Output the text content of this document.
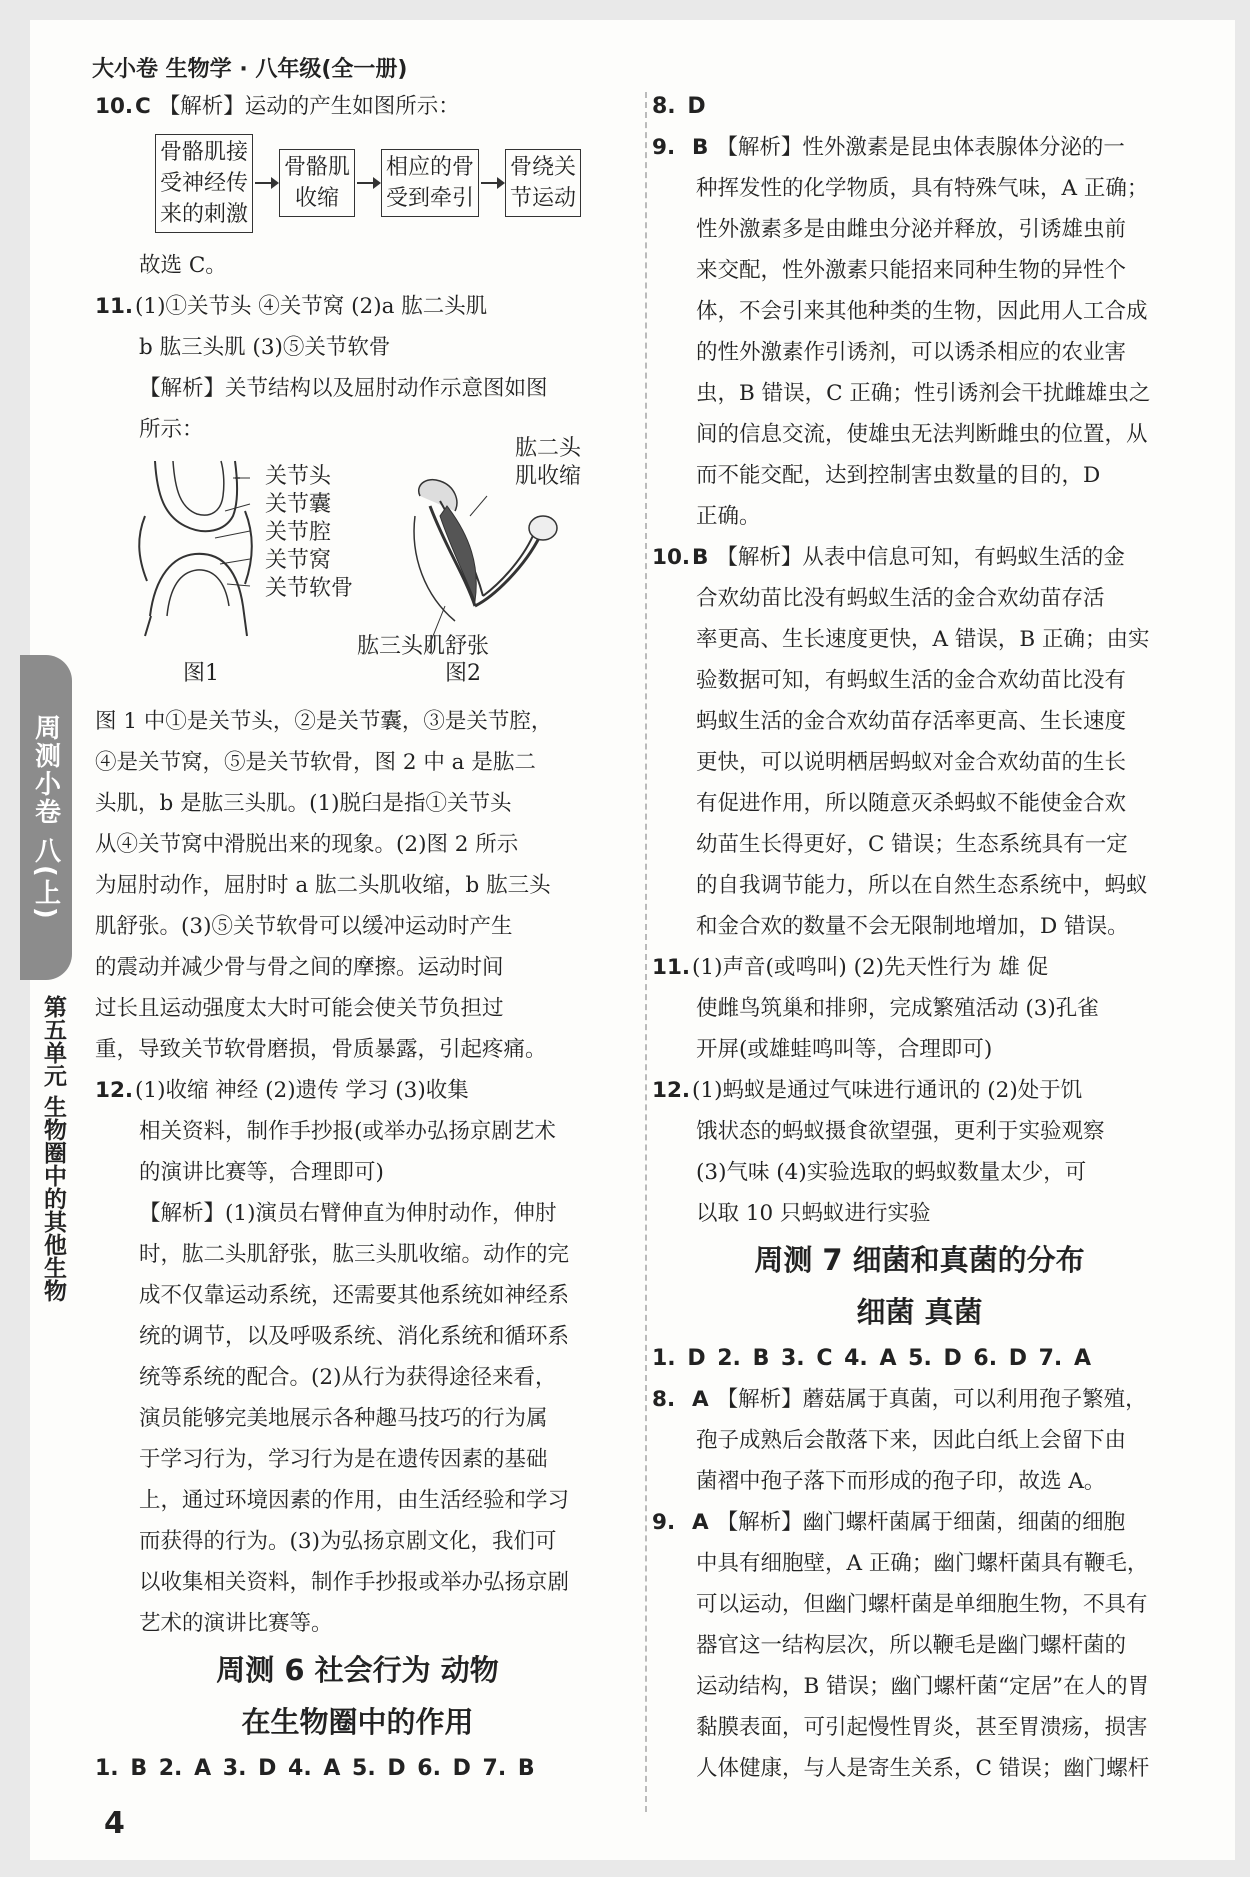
大小卷 生物学 · 八年级(全一册)
周测小卷 八(上)
第五单元 生物圈中的其他生物
4

10.C 【解析】运动的产生如图所示：

骨骼肌接受神经传来的刺激
骨骼肌收缩
相应的骨受到牵引
骨绕关节运动

故选 C。

11.(1)①关节头 ④关节窝 (2)a 肱二头肌

b 肱三头肌 (3)⑤关节软骨

【解析】关节结构以及屈肘动作示意图如图

所示：

关节头
关节囊
关节腔
关节窝
关节软骨
图1
肱二头
肌收缩
肱三头肌舒张
图2

图 1 中①是关节头，②是关节囊，③是关节腔，

④是关节窝，⑤是关节软骨，图 2 中 a 是肱二

头肌，b 是肱三头肌。(1)脱臼是指①关节头

从④关节窝中滑脱出来的现象。(2)图 2 所示

为屈肘动作，屈肘时 a 肱二头肌收缩，b 肱三头

肌舒张。(3)⑤关节软骨可以缓冲运动时产生

的震动并减少骨与骨之间的摩擦。运动时间

过长且运动强度太大时可能会使关节负担过

重，导致关节软骨磨损，骨质暴露，引起疼痛。

12.(1)收缩 神经 (2)遗传 学习 (3)收集

相关资料，制作手抄报(或举办弘扬京剧艺术

的演讲比赛等，合理即可)

【解析】(1)演员右臂伸直为伸肘动作，伸肘

时，肱二头肌舒张，肱三头肌收缩。动作的完

成不仅靠运动系统，还需要其他系统如神经系

统的调节，以及呼吸系统、消化系统和循环系

统等系统的配合。(2)从行为获得途径来看，

演员能够完美地展示各种趣马技巧的行为属

于学习行为，学习行为是在遗传因素的基础

上，通过环境因素的作用，由生活经验和学习

而获得的行为。(3)为弘扬京剧文化，我们可

以收集相关资料，制作手抄报或举办弘扬京剧

艺术的演讲比赛等。

周测 6 社会行为 动物
在生物圈中的作用

1. B 2. A 3. D 4. A 5. D 6. D 7. B

8. D

9. B 【解析】性外激素是昆虫体表腺体分泌的一

种挥发性的化学物质，具有特殊气味，A 正确；

性外激素多是由雌虫分泌并释放，引诱雄虫前

来交配，性外激素只能招来同种生物的异性个

体，不会引来其他种类的生物，因此用人工合成

的性外激素作引诱剂，可以诱杀相应的农业害

虫，B 错误，C 正确；性引诱剂会干扰雌雄虫之

间的信息交流，使雄虫无法判断雌虫的位置，从

而不能交配，达到控制害虫数量的目的，D

正确。

10.B 【解析】从表中信息可知，有蚂蚁生活的金

合欢幼苗比没有蚂蚁生活的金合欢幼苗存活

率更高、生长速度更快，A 错误，B 正确；由实

验数据可知，有蚂蚁生活的金合欢幼苗比没有

蚂蚁生活的金合欢幼苗存活率更高、生长速度

更快，可以说明栖居蚂蚁对金合欢幼苗的生长

有促进作用，所以随意灭杀蚂蚁不能使金合欢

幼苗生长得更好，C 错误；生态系统具有一定

的自我调节能力，所以在自然生态系统中，蚂蚁

和金合欢的数量不会无限制地增加，D 错误。

11.(1)声音(或鸣叫) (2)先天性行为 雄 促

使雌鸟筑巢和排卵，完成繁殖活动 (3)孔雀

开屏(或雄蛙鸣叫等，合理即可)

12.(1)蚂蚁是通过气味进行通讯的 (2)处于饥

饿状态的蚂蚁摄食欲望强，更利于实验观察

(3)气味 (4)实验选取的蚂蚁数量太少，可

以取 10 只蚂蚁进行实验

周测 7 细菌和真菌的分布
细菌 真菌

1. D 2. B 3. C 4. A 5. D 6. D 7. A

8. A 【解析】蘑菇属于真菌，可以利用孢子繁殖，

孢子成熟后会散落下来，因此白纸上会留下由

菌褶中孢子落下而形成的孢子印，故选 A。

9. A 【解析】幽门螺杆菌属于细菌，细菌的细胞

中具有细胞壁，A 正确；幽门螺杆菌具有鞭毛，

可以运动，但幽门螺杆菌是单细胞生物，不具有

器官这一结构层次，所以鞭毛是幽门螺杆菌的

运动结构，B 错误；幽门螺杆菌“定居”在人的胃

黏膜表面，可引起慢性胃炎，甚至胃溃疡，损害

人体健康，与人是寄生关系，C 错误；幽门螺杆
